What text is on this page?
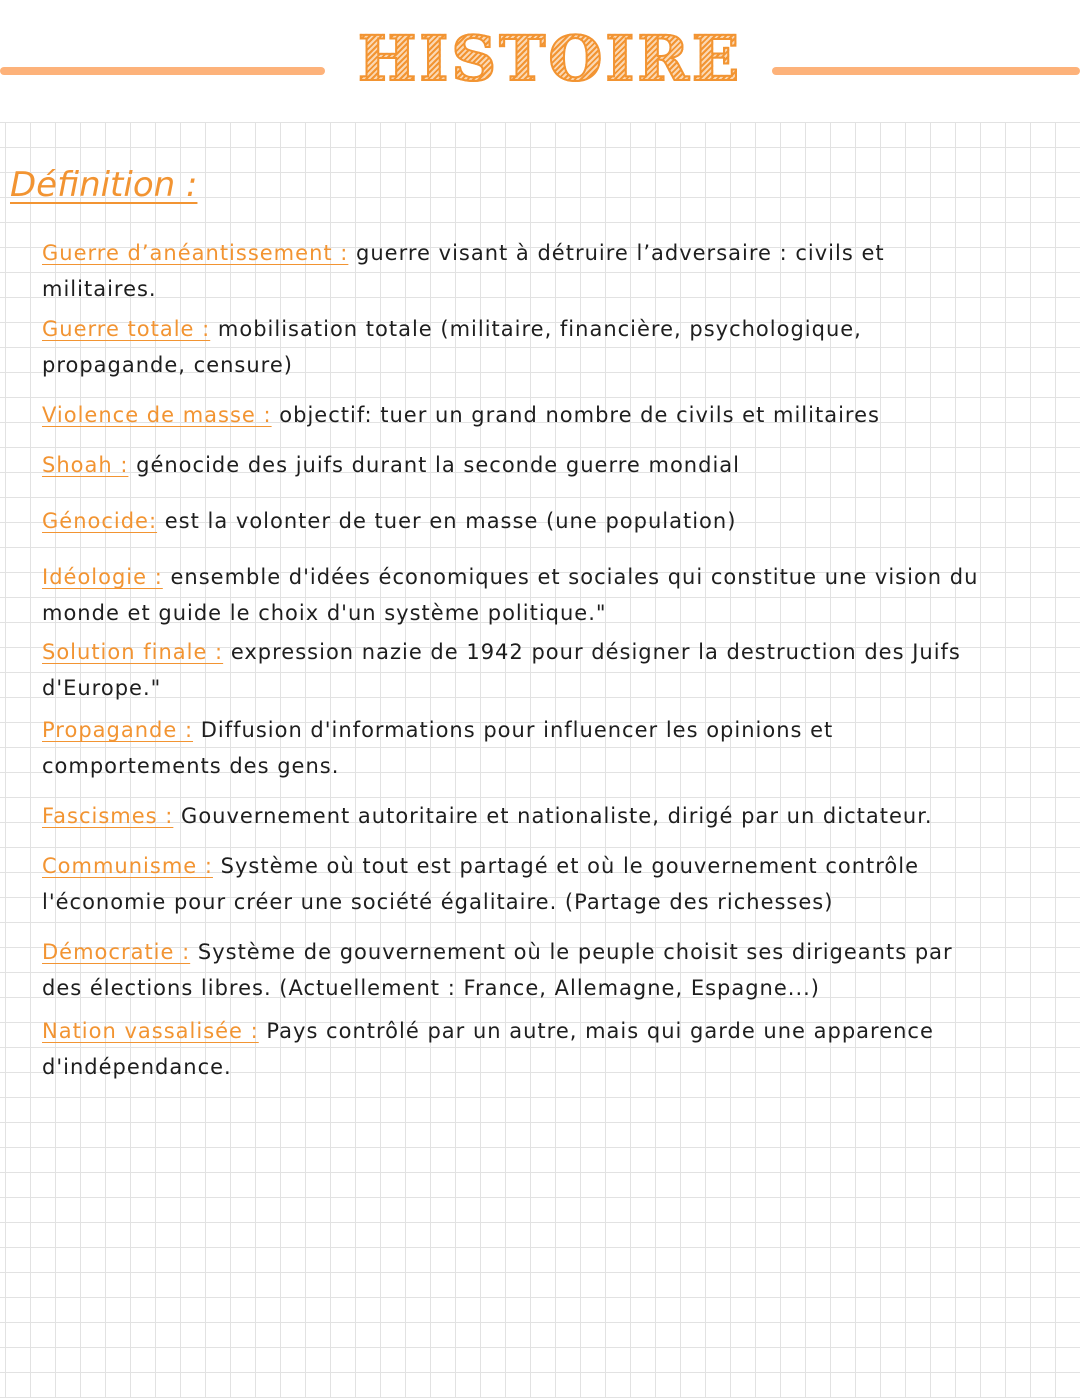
HISTOIRE
Définition :
Guerre d’anéantissement : guerre visant à détruire l’adversaire : civils et
militaires.
Guerre totale : mobilisation totale (militaire, financière, psychologique,
propagande, censure)
Violence de masse : objectif: tuer un grand nombre de civils et militaires
Shoah : génocide des juifs durant la seconde guerre mondial
Génocide: est la volonter de tuer en masse (une population)
Idéologie : ensemble d'idées économiques et sociales qui constitue une vision du
monde et guide le choix d'un système politique."
Solution finale : expression nazie de 1942 pour désigner la destruction des Juifs
d'Europe."
Propagande : Diffusion d'informations pour influencer les opinions et
comportements des gens.
Fascismes : Gouvernement autoritaire et nationaliste, dirigé par un dictateur.
Communisme : Système où tout est partagé et où le gouvernement contrôle
l'économie pour créer une société égalitaire. (Partage des richesses)
Démocratie : Système de gouvernement où le peuple choisit ses dirigeants par
des élections libres. (Actuellement : France, Allemagne, Espagne...)
Nation vassalisée : Pays contrôlé par un autre, mais qui garde une apparence
d'indépendance.
